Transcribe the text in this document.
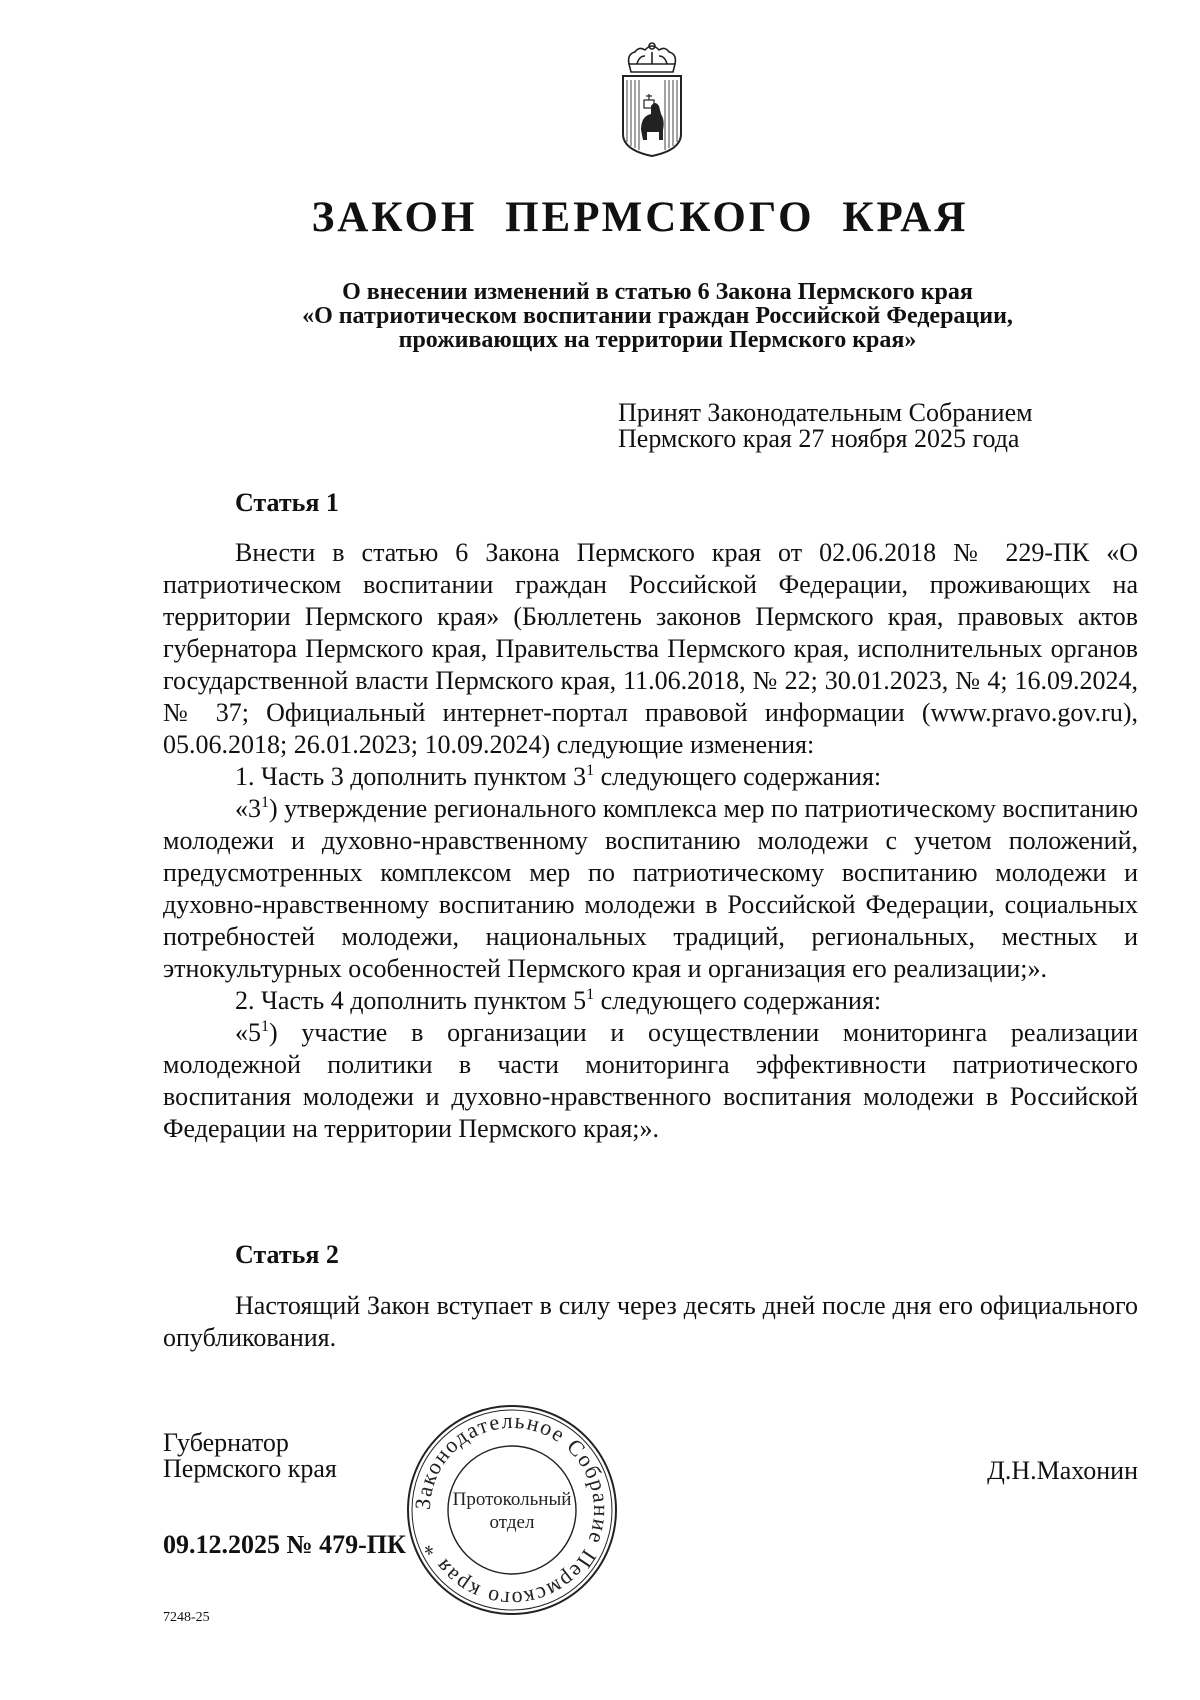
ЗАКОН ПЕРМСКОГО КРАЯ
О внесении изменений в статью 6 Закона Пермского края
«О патриотическом воспитании граждан Российской Федерации,
проживающих на территории Пермского края»
Принят Законодательным Собранием
Пермского края 27 ноября 2025 года
Статья 1

Внести в статью 6 Закона Пермского края от 02.06.2018 № 229-ПК «О патриотическом воспитании граждан Российской Федерации, проживающих на территории Пермского края» (Бюллетень законов Пермского края, правовых актов губернатора Пермского края, Правительства Пермского края, исполнительных органов государственной власти Пермского края, 11.06.2018, № 22; 30.01.2023, № 4; 16.09.2024, № 37; Официальный интернет-портал правовой информации (www.pravo.gov.ru), 05.06.2018; 26.01.2023; 10.09.2024) следующие изменения:

1. Часть 3 дополнить пунктом $3^1$ следующего содержания:

«$3^1$) утверждение регионального комплекса мер по патриотическому воспитанию молодежи и духовно-нравственному воспитанию молодежи с учетом положений, предусмотренных комплексом мер по патриотическому воспитанию молодежи и духовно-нравственному воспитанию молодежи в Российской Федерации, социальных потребностей молодежи, национальных традиций, региональных, местных и этнокультурных особенностей Пермского края и организация его реализации;».

2. Часть 4 дополнить пунктом $5^1$ следующего содержания:

«$5^1$) участие в организации и осуществлении мониторинга реализации молодежной политики в части мониторинга эффективности патриотического воспитания молодежи и духовно-нравственного воспитания молодежи в Российской Федерации на территории Пермского края;».

Статья 2

Настоящий Закон вступает в силу через десять дней после дня его официального опубликования.

Губернатор
Пермского края	Д.Н.Махонин
09.12.2025 № 479-ПК
7248-25
Законодательное Собрание Пермского края *
Протокольный
отдел
